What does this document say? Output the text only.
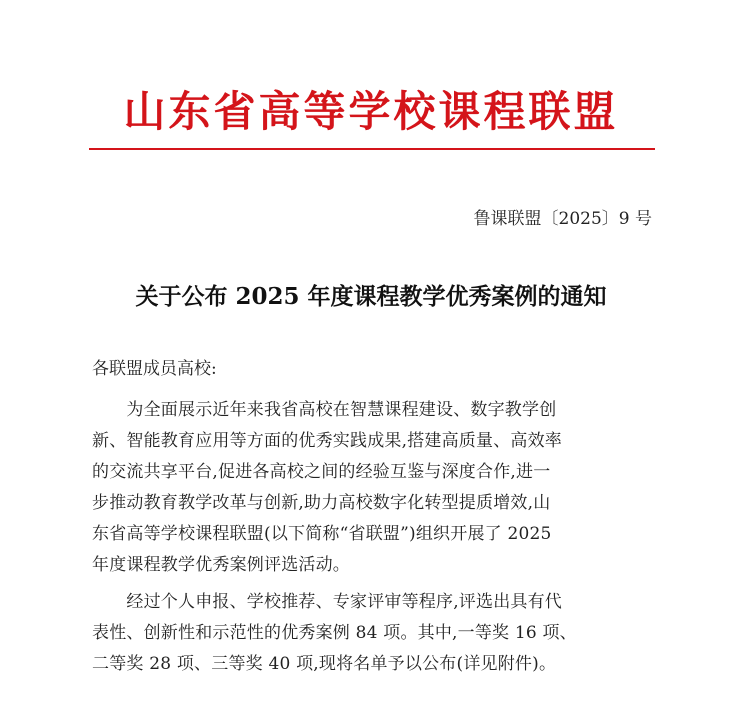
山东省高等学校课程联盟
鲁课联盟〔2025〕9 号
关于公布 2025 年度课程教学优秀案例的通知
各联盟成员高校:
　　为全面展示近年来我省高校在智慧课程建设、数字教学创
新、智能教育应用等方面的优秀实践成果,搭建高质量、高效率
的交流共享平台,促进各高校之间的经验互鉴与深度合作,进一
步推动教育教学改革与创新,助力高校数字化转型提质增效,山
东省高等学校课程联盟(以下简称“省联盟”)组织开展了 2025
年度课程教学优秀案例评选活动。
　　经过个人申报、学校推荐、专家评审等程序,评选出具有代
表性、创新性和示范性的优秀案例 84 项。其中,一等奖 16 项、
二等奖 28 项、三等奖 40 项,现将名单予以公布(详见附件)。
